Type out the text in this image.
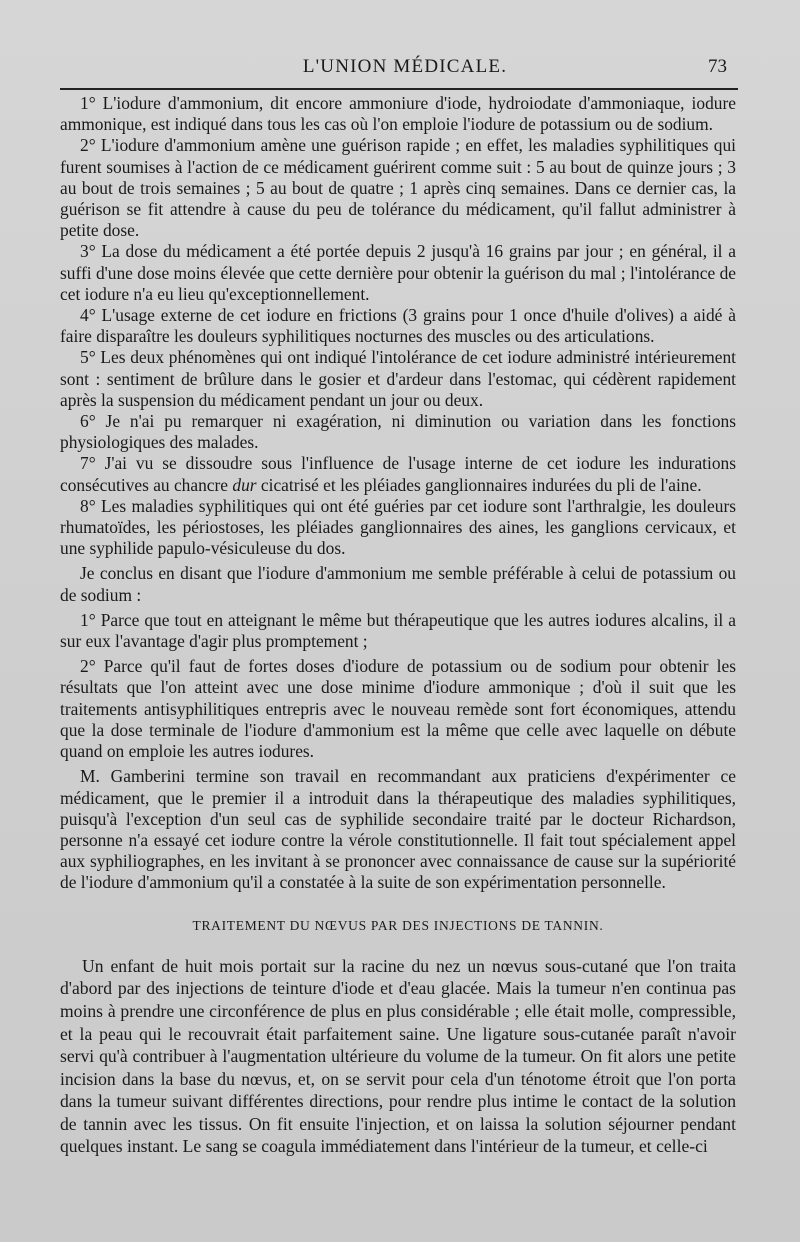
L'UNION MÉDICALE.	73

1° L'iodure d'ammonium, dit encore ammoniure d'iode, hydroiodate d'ammoniaque, iodure ammonique, est indiqué dans tous les cas où l'on emploie l'iodure de potassium ou de sodium.

2° L'iodure d'ammonium amène une guérison rapide ; en effet, les maladies syphilitiques qui furent soumises à l'action de ce médicament guérirent comme suit : 5 au bout de quinze jours ; 3 au bout de trois semaines ; 5 au bout de quatre ; 1 après cinq semaines. Dans ce dernier cas, la guérison se fit attendre à cause du peu de tolérance du médicament, qu'il fallut administrer à petite dose.

3° La dose du médicament a été portée depuis 2 jusqu'à 16 grains par jour ; en général, il a suffi d'une dose moins élevée que cette dernière pour obtenir la guérison du mal ; l'intolérance de cet iodure n'a eu lieu qu'exceptionnellement.

4° L'usage externe de cet iodure en frictions (3 grains pour 1 once d'huile d'olives) a aidé à faire disparaître les douleurs syphilitiques nocturnes des muscles ou des articulations.

5° Les deux phénomènes qui ont indiqué l'intolérance de cet iodure administré intérieurement sont : sentiment de brûlure dans le gosier et d'ardeur dans l'estomac, qui cédèrent rapidement après la suspension du médicament pendant un jour ou deux.

6° Je n'ai pu remarquer ni exagération, ni diminution ou variation dans les fonctions physiologiques des malades.

7° J'ai vu se dissoudre sous l'influence de l'usage interne de cet iodure les indurations consécutives au chancre dur cicatrisé et les pléiades ganglionnaires indurées du pli de l'aine.

8° Les maladies syphilitiques qui ont été guéries par cet iodure sont l'arthralgie, les douleurs rhumatoïdes, les périostoses, les pléiades ganglionnaires des aines, les ganglions cervicaux, et une syphilide papulo-vésiculeuse du dos.

Je conclus en disant que l'iodure d'ammonium me semble préférable à celui de potassium ou de sodium :

1° Parce que tout en atteignant le même but thérapeutique que les autres iodures alcalins, il a sur eux l'avantage d'agir plus promptement ;

2° Parce qu'il faut de fortes doses d'iodure de potassium ou de sodium pour obtenir les résultats que l'on atteint avec une dose minime d'iodure ammonique ; d'où il suit que les traitements antisyphilitiques entrepris avec le nouveau remède sont fort économiques, attendu que la dose terminale de l'iodure d'ammonium est la même que celle avec laquelle on débute quand on emploie les autres iodures.

M. Gamberini termine son travail en recommandant aux praticiens d'expérimenter ce médicament, que le premier il a introduit dans la thérapeutique des maladies syphilitiques, puisqu'à l'exception d'un seul cas de syphilide secondaire traité par le docteur Richardson, personne n'a essayé cet iodure contre la vérole constitutionnelle. Il fait tout spécialement appel aux syphiliographes, en les invitant à se prononcer avec connaissance de cause sur la supériorité de l'iodure d'ammonium qu'il a constatée à la suite de son expérimentation personnelle.

TRAITEMENT DU NŒVUS PAR DES INJECTIONS DE TANNIN.

Un enfant de huit mois portait sur la racine du nez un nœvus sous-cutané que l'on traita d'abord par des injections de teinture d'iode et d'eau glacée. Mais la tumeur n'en continua pas moins à prendre une circonférence de plus en plus considérable ; elle était molle, compressible, et la peau qui le recouvrait était parfaitement saine. Une ligature sous-cutanée paraît n'avoir servi qu'à contribuer à l'augmentation ultérieure du volume de la tumeur. On fit alors une petite incision dans la base du nœvus, et, on se servit pour cela d'un ténotome étroit que l'on porta dans la tumeur suivant différentes directions, pour rendre plus intime le contact de la solution de tannin avec les tissus. On fit ensuite l'injection, et on laissa la solution séjourner pendant quelques instant. Le sang se coagula immédiatement dans l'intérieur de la tumeur, et celle-ci
